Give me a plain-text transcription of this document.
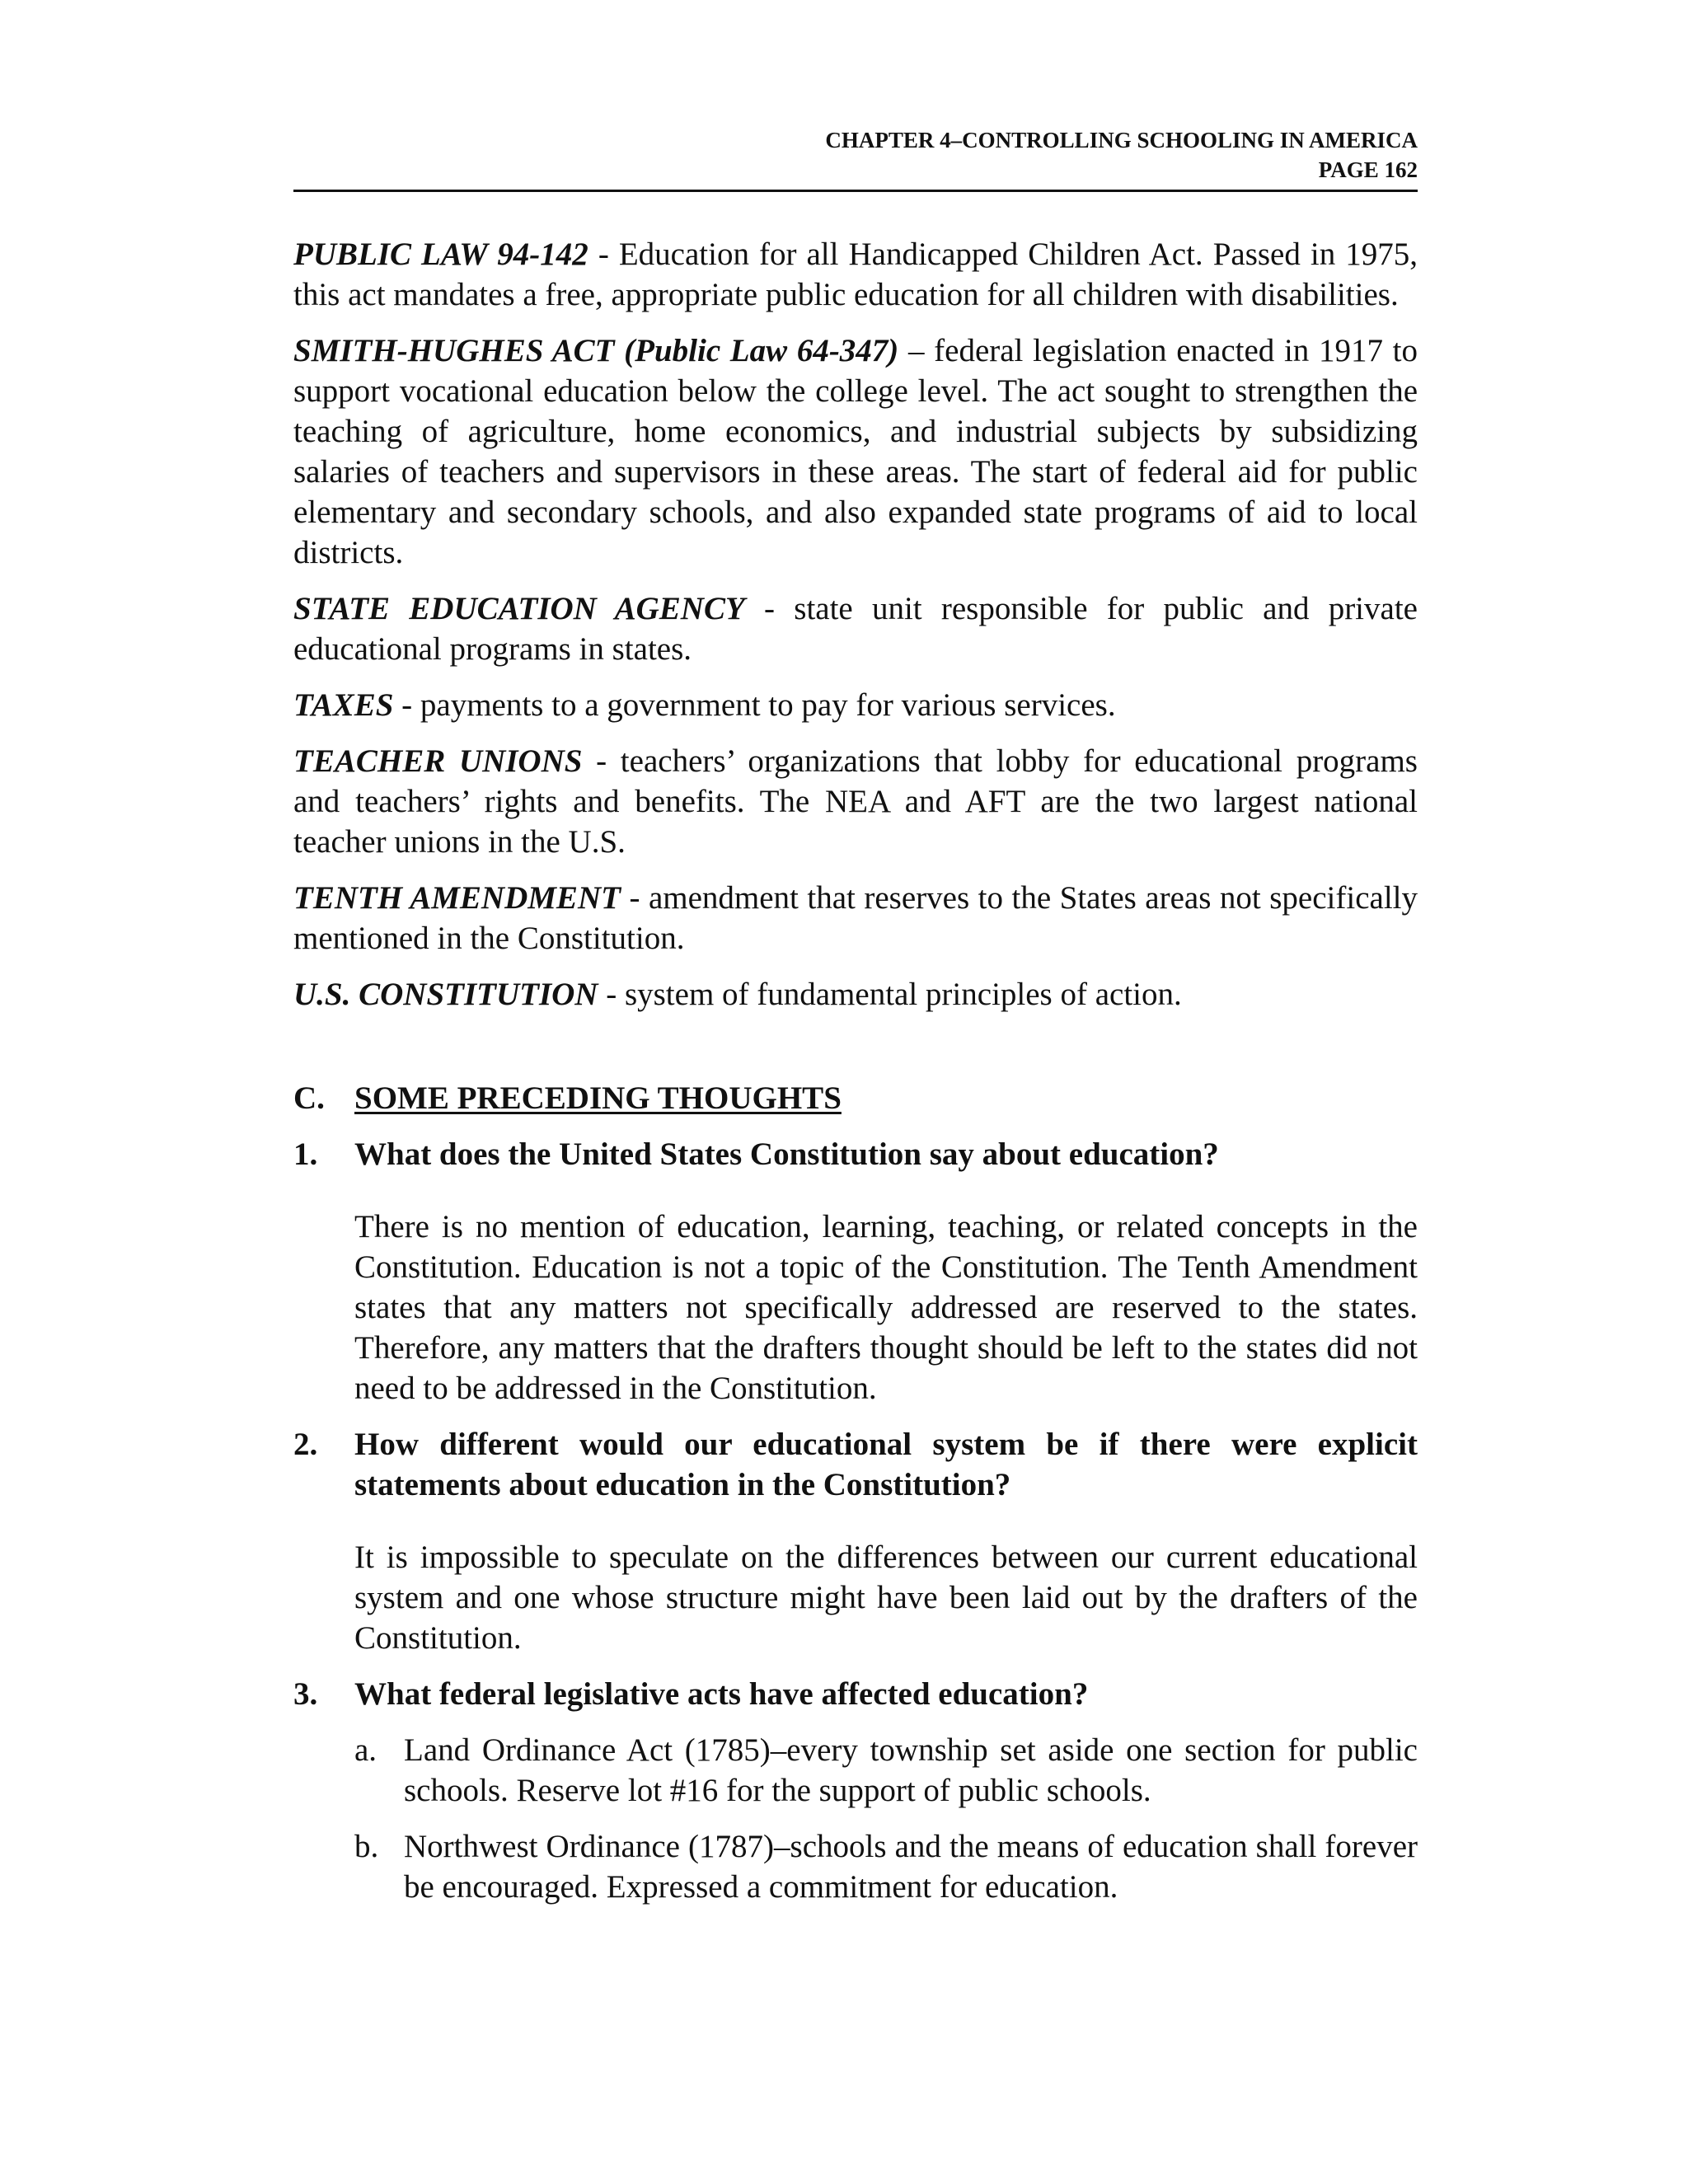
CHAPTER 4–CONTROLLING SCHOOLING IN AMERICA
PAGE 162

PUBLIC LAW 94-142 - Education for all Handicapped Children Act. Passed in 1975, this act mandates a free, appropriate public education for all children with disabilities.

SMITH-HUGHES ACT (Public Law 64-347) – federal legislation enacted in 1917 to support vocational education below the college level. The act sought to strengthen the teaching of agriculture, home economics, and industrial subjects by subsidizing salaries of teachers and supervisors in these areas. The start of federal aid for public elementary and secondary schools, and also expanded state programs of aid to local districts.

STATE EDUCATION AGENCY - state unit responsible for public and private educational programs in states.

TAXES - payments to a government to pay for various services.

TEACHER UNIONS - teachers’ organizations that lobby for educational programs and teachers’ rights and benefits. The NEA and AFT are the two largest national teacher unions in the U.S.

TENTH AMENDMENT - amendment that reserves to the States areas not specifically mentioned in the Constitution.

U.S. CONSTITUTION - system of fundamental principles of action.

C. SOME PRECEDING THOUGHTS
1.	What does the United States Constitution say about education?

There is no mention of education, learning, teaching, or related concepts in the Constitution. Education is not a topic of the Constitution. The Tenth Amendment states that any matters not specifically addressed are reserved to the states. Therefore, any matters that the drafters thought should be left to the states did not need to be addressed in the Constitution.

2.	How different would our educational system be if there were explicit statements about education in the Constitution?

It is impossible to speculate on the differences between our current educational system and one whose structure might have been laid out by the drafters of the Constitution.

3.	What federal legislative acts have affected education?
a. Land Ordinance Act (1785)–every township set aside one section for public schools. Reserve lot #16 for the support of public schools.
b. Northwest Ordinance (1787)–schools and the means of education shall forever be encouraged. Expressed a commitment for education.
